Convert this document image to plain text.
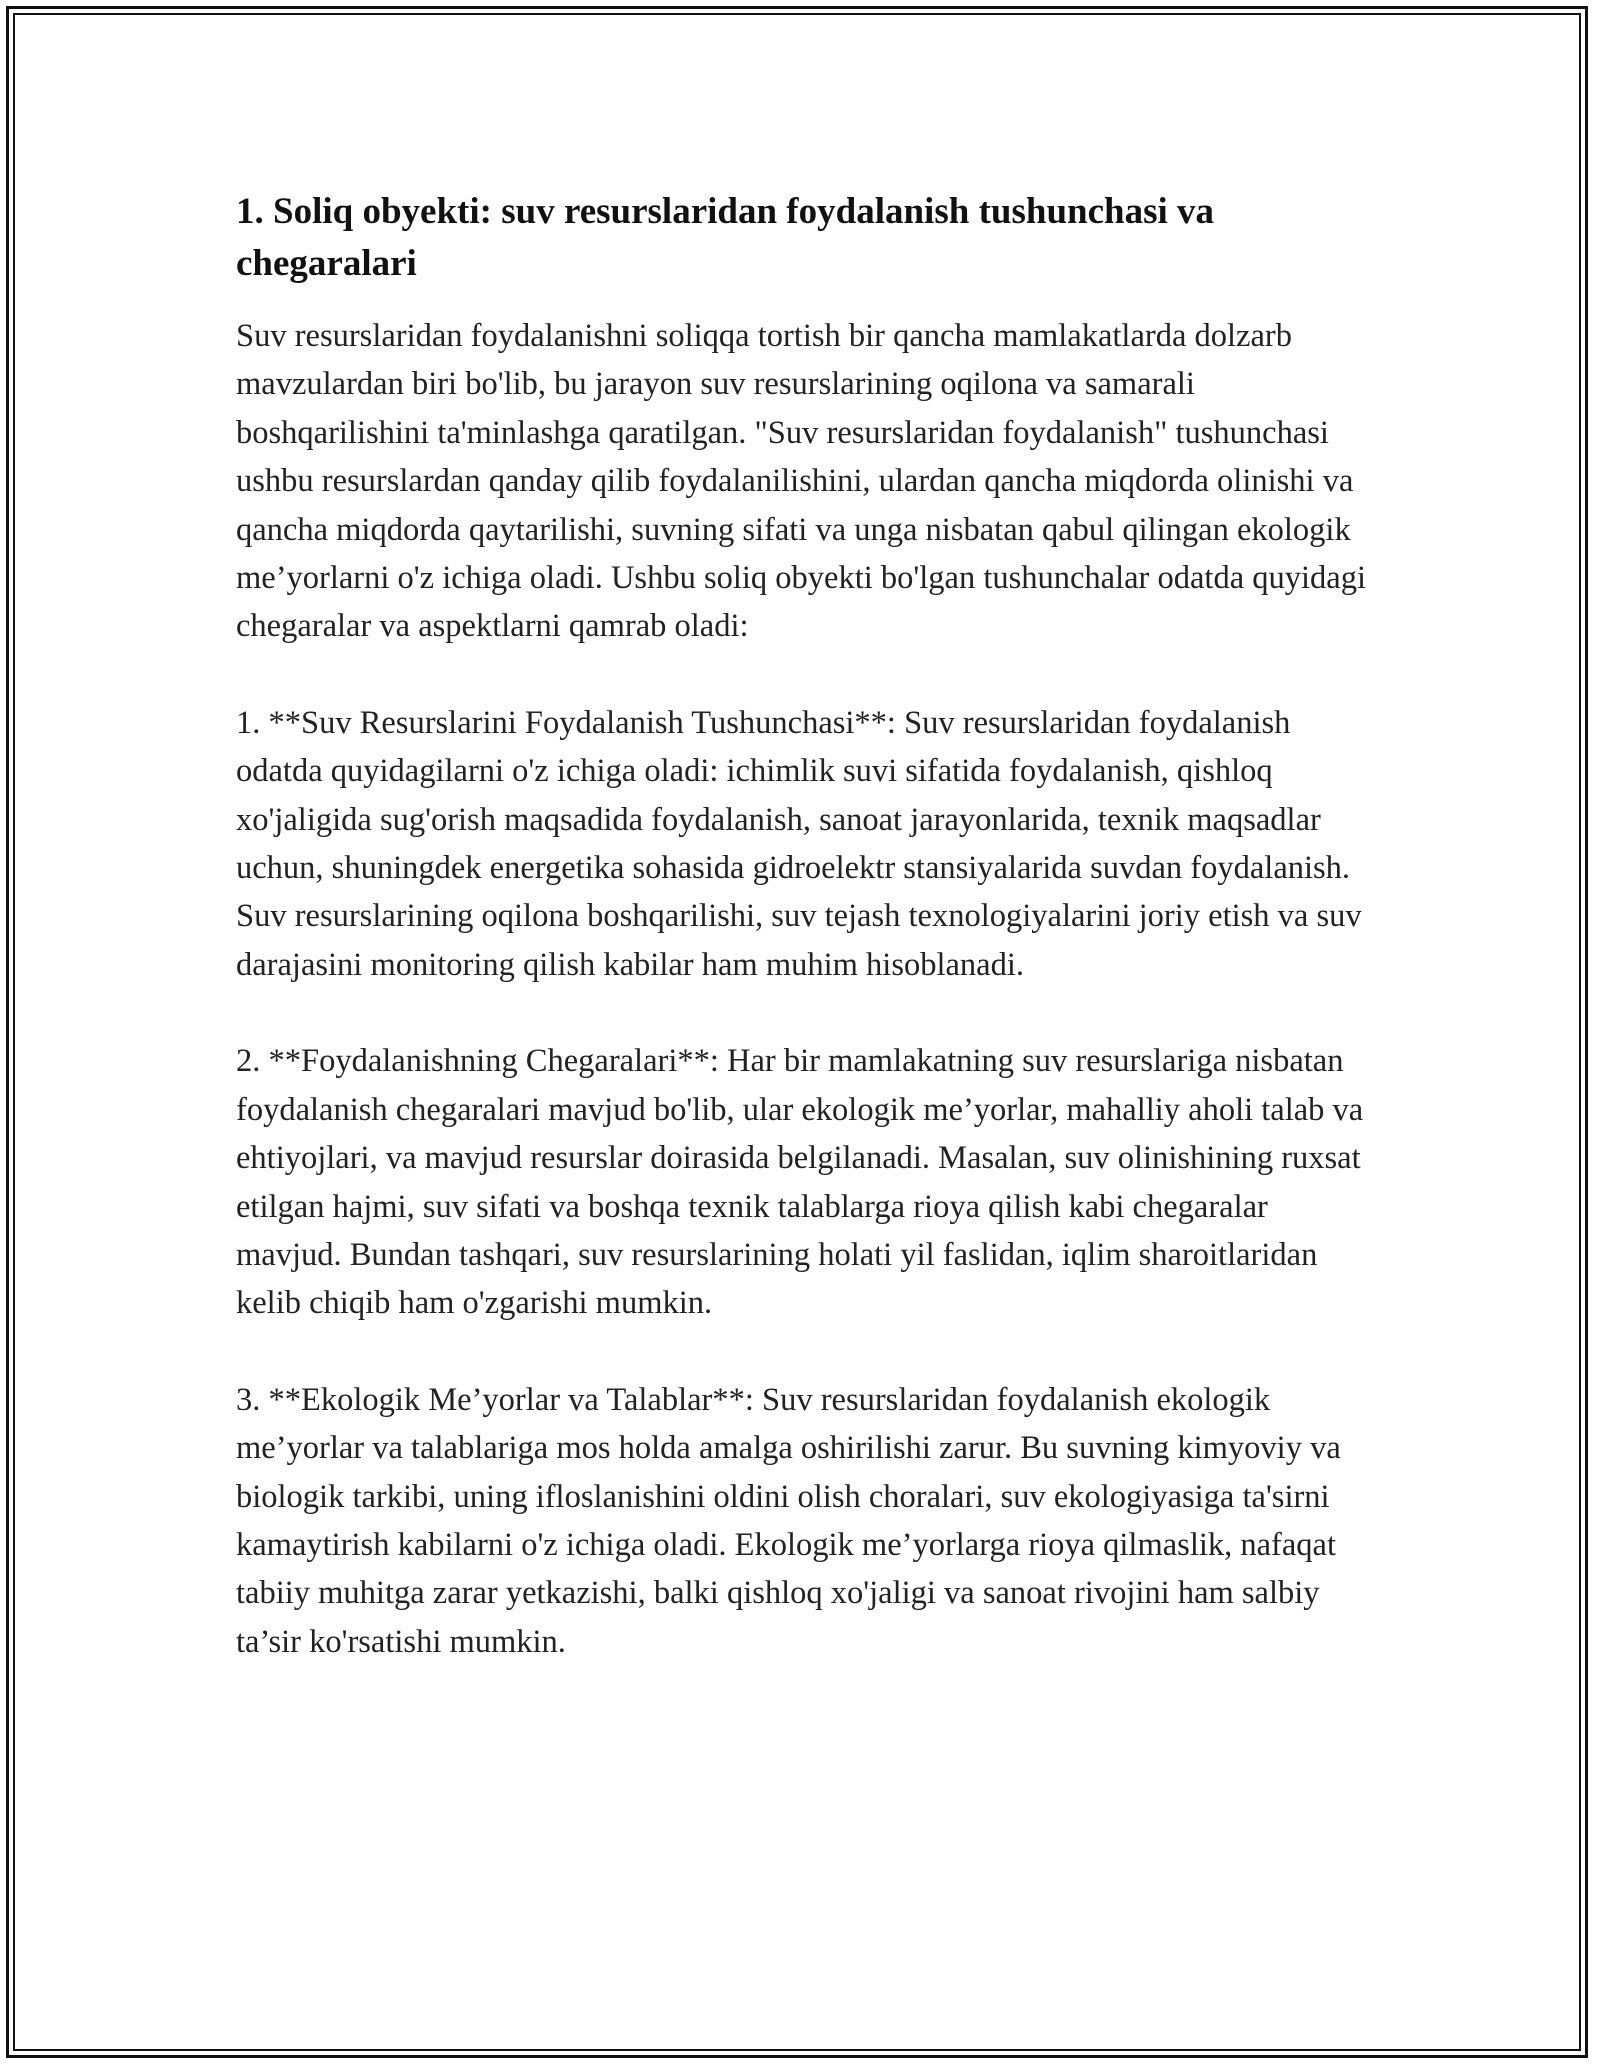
1. Soliq obyekti: suv resurslaridan foydalanish tushunchasi va chegaralari

Suv resurslaridan foydalanishni soliqqa tortish bir qancha mamlakatlarda dolzarb mavzulardan biri bo'lib, bu jarayon suv resurslarining oqilona va samarali boshqarilishini ta'minlashga qaratilgan. "Suv resurslaridan foydalanish" tushunchasi ushbu resurslardan qanday qilib foydalanilishini, ulardan qancha miqdorda olinishi va qancha miqdorda qaytarilishi, suvning sifati va unga nisbatan qabul qilingan ekologik me’yorlarni o'z ichiga oladi. Ushbu soliq obyekti bo'lgan tushunchalar odatda quyidagi chegaralar va aspektlarni qamrab oladi:

1. **Suv Resurslarini Foydalanish Tushunchasi**: Suv resurslaridan foydalanish odatda quyidagilarni o'z ichiga oladi: ichimlik suvi sifatida foydalanish, qishloq xo'jaligida sug'orish maqsadida foydalanish, sanoat jarayonlarida, texnik maqsadlar uchun, shuningdek energetika sohasida gidroelektr stansiyalarida suvdan foydalanish. Suv resurslarining oqilona boshqarilishi, suv tejash texnologiyalarini joriy etish va suv darajasini monitoring qilish kabilar ham muhim hisoblanadi.

2. **Foydalanishning Chegaralari**: Har bir mamlakatning suv resurslariga nisbatan foydalanish chegaralari mavjud bo'lib, ular ekologik me’yorlar, mahalliy aholi talab va ehtiyojlari, va mavjud resurslar doirasida belgilanadi. Masalan, suv olinishining ruxsat etilgan hajmi, suv sifati va boshqa texnik talablarga rioya qilish kabi chegaralar mavjud. Bundan tashqari, suv resurslarining holati yil faslidan, iqlim sharoitlaridan kelib chiqib ham o'zgarishi mumkin.

3. **Ekologik Me’yorlar va Talablar**: Suv resurslaridan foydalanish ekologik me’yorlar va talablariga mos holda amalga oshirilishi zarur. Bu suvning kimyoviy va biologik tarkibi, uning ifloslanishini oldini olish choralari, suv ekologiyasiga ta'sirni kamaytirish kabilarni o'z ichiga oladi. Ekologik me’yorlarga rioya qilmaslik, nafaqat tabiiy muhitga zarar yetkazishi, balki qishloq xo'jaligi va sanoat rivojini ham salbiy ta’sir ko'rsatishi mumkin.
